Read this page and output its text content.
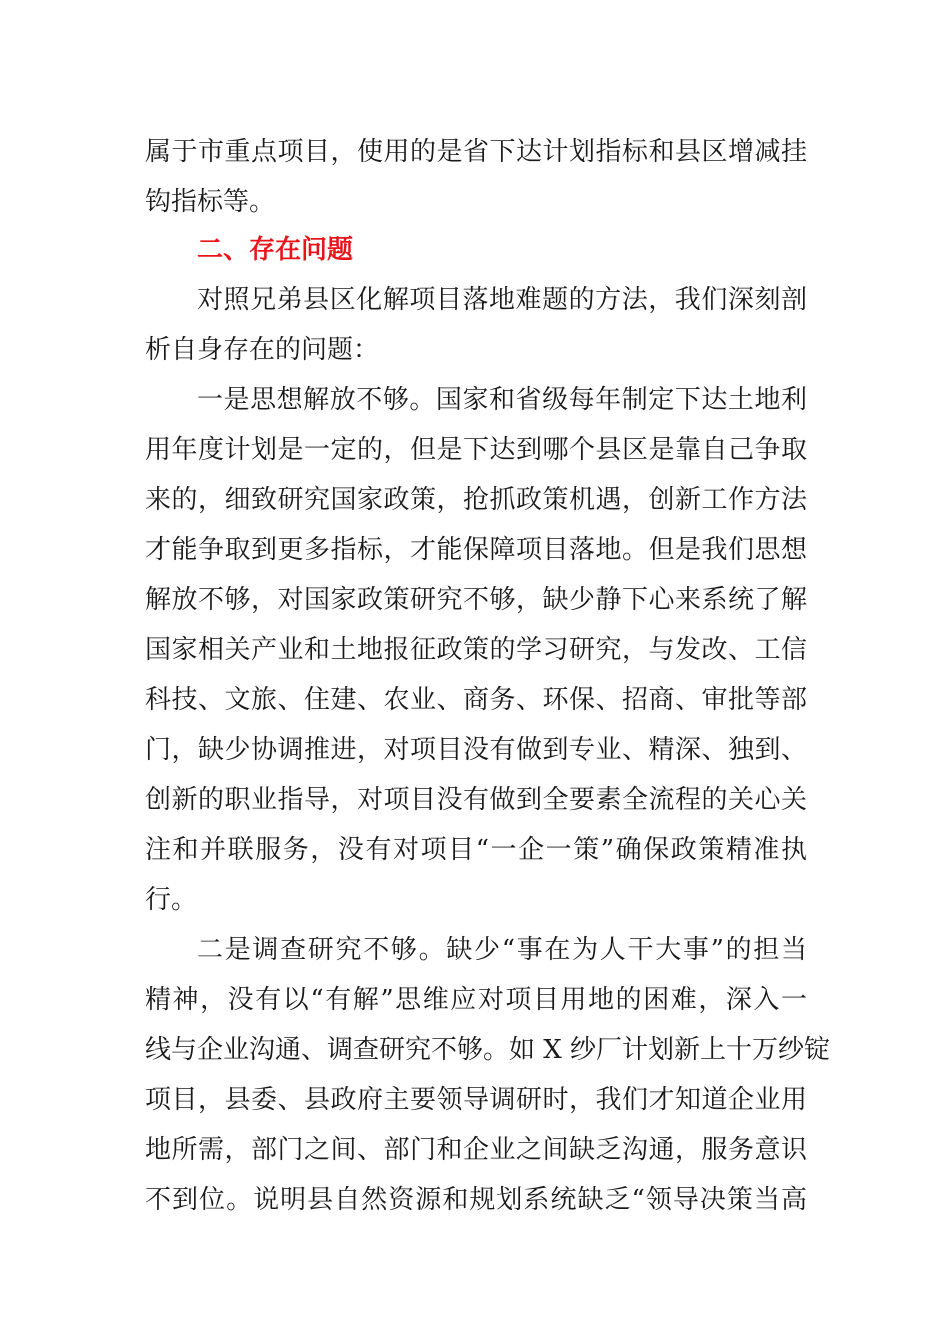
属于市重点项目，使用的是省下达计划指标和县区增减挂
钩指标等。
二、存在问题
对照兄弟县区化解项目落地难题的方法，我们深刻剖
析自身存在的问题：
一是思想解放不够。国家和省级每年制定下达土地利
用年度计划是一定的，但是下达到哪个县区是靠自己争取
来的，细致研究国家政策，抢抓政策机遇，创新工作方法
才能争取到更多指标，才能保障项目落地。但是我们思想
解放不够，对国家政策研究不够，缺少静下心来系统了解
国家相关产业和土地报征政策的学习研究，与发改、工信
科技、文旅、住建、农业、商务、环保、招商、审批等部
门，缺少协调推进，对项目没有做到专业、精深、独到、
创新的职业指导，对项目没有做到全要素全流程的关心关
注和并联服务，没有对项目“一企一策”确保政策精准执
行。
二是调查研究不够。缺少“事在为人干大事”的担当
精神，没有以“有解”思维应对项目用地的困难，深入一
线与企业沟通、调查研究不够。如 X 纱厂计划新上十万纱锭
项目，县委、县政府主要领导调研时，我们才知道企业用
地所需，部门之间、部门和企业之间缺乏沟通，服务意识
不到位。说明县自然资源和规划系统缺乏“领导决策当高
